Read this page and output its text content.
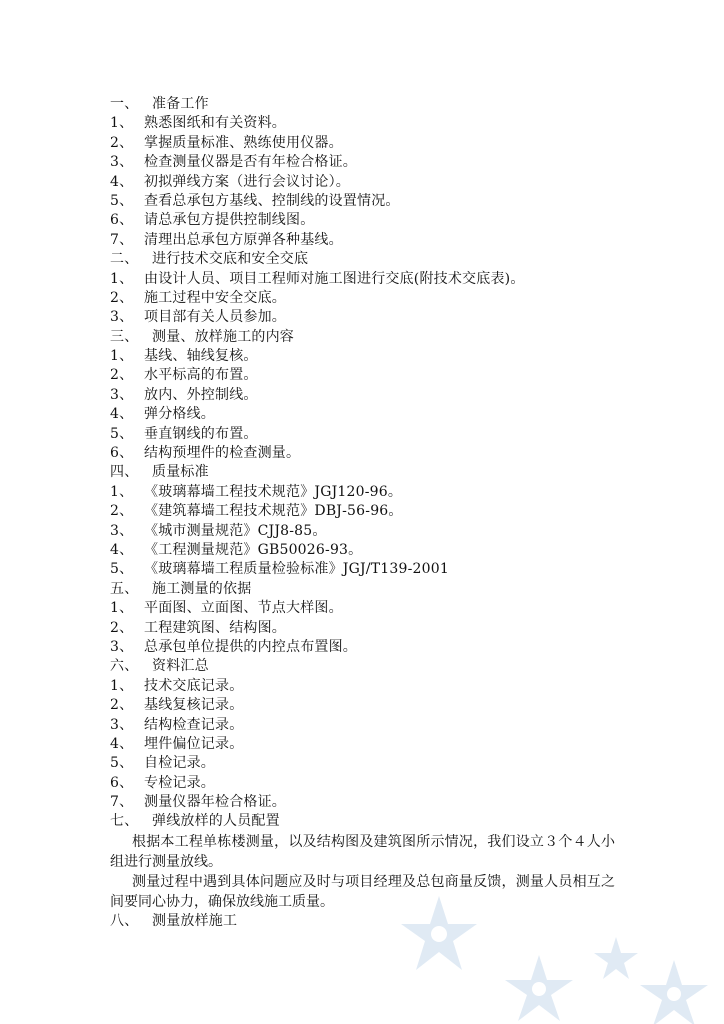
一、 准备工作
1、 熟悉图纸和有关资料。
2、 掌握质量标准、熟练使用仪器。
3、 检查测量仪器是否有年检合格证。
4、 初拟弹线方案（进行会议讨论）。
5、 查看总承包方基线、控制线的设置情况。
6、 请总承包方提供控制线图。
7、 清理出总承包方原弹各种基线。
二、 进行技术交底和安全交底
1、 由设计人员、项目工程师对施工图进行交底(附技术交底表)。
2、 施工过程中安全交底。
3、 项目部有关人员参加。
三、 测量、放样施工的内容
1、 基线、轴线复核。
2、 水平标高的布置。
3、 放内、外控制线。
4、 弹分格线。
5、 垂直钢线的布置。
6、 结构预埋件的检查测量。
四、 质量标准
1、 《玻璃幕墙工程技术规范》JGJ120-96。
2、 《建筑幕墙工程技术规范》DBJ-56-96。
3、 《城市测量规范》CJJ8-85。
4、 《工程测量规范》GB50026-93。
5、 《玻璃幕墙工程质量检验标准》JGJ/T139-2001
五、 施工测量的依据
1、 平面图、立面图、节点大样图。
2、 工程建筑图、结构图。
3、 总承包单位提供的内控点布置图。
六、 资料汇总
1、 技术交底记录。
2、 基线复核记录。
3、 结构检查记录。
4、 埋件偏位记录。
5、 自检记录。
6、 专检记录。
7、 测量仪器年检合格证。
七、 弹线放样的人员配置
根据本工程单栋楼测量，以及结构图及建筑图所示情况，我们设立３个４人小组进行测量放线。
测量过程中遇到具体问题应及时与项目经理及总包商量反馈，测量人员相互之间要同心协力，确保放线施工质量。
八、 测量放样施工
